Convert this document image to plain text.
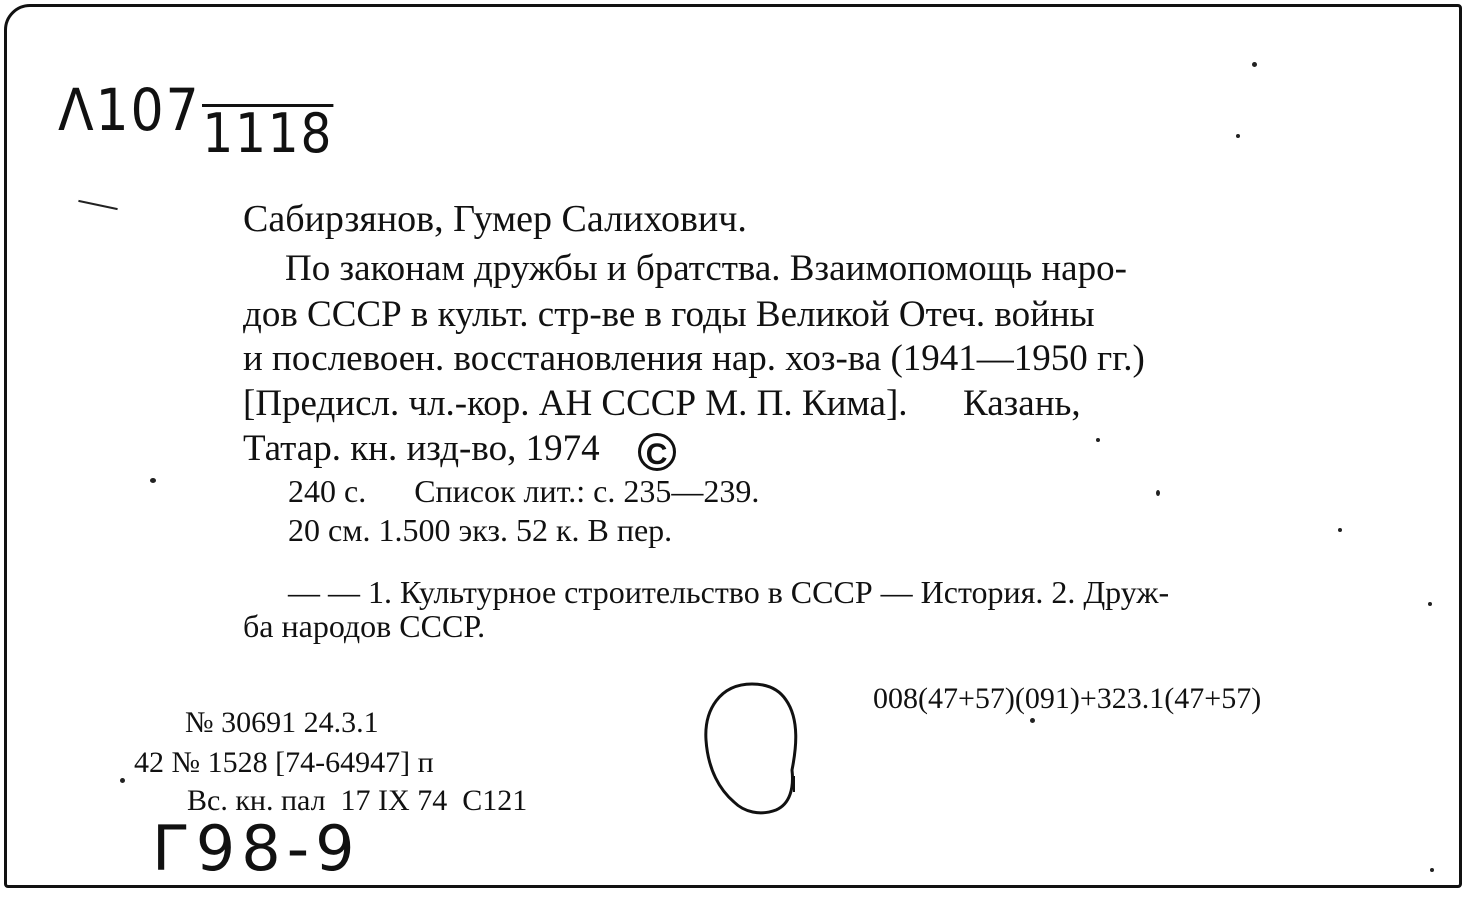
Λ1071118
Сабирзянов, Гумер Салихович.
По законам дружбы и братства. Взаимопомощь наро-
дов СССР в культ. стр-ве в годы Великой Отеч. войны
и послевоен. восстановления нар. хоз-ва (1941—1950 гг.)
[Предисл. чл.-кор. АН СССР М. П. Кима].      Казань,
Татар. кн. изд-во, 1974 C
240 с.      Список лит.: с. 235—239.
20 см. 1.500 экз. 52 к. В пер.
— — 1. Культурное строительство в СССР — История. 2. Друж-
ба народов СССР.
008(47+57)(091)+323.1(47+57)
№ 30691 24.3.1
42 № 1528 [74-64947] п
Вс. кн. пал  17 IX 74  С121
Г98-9
